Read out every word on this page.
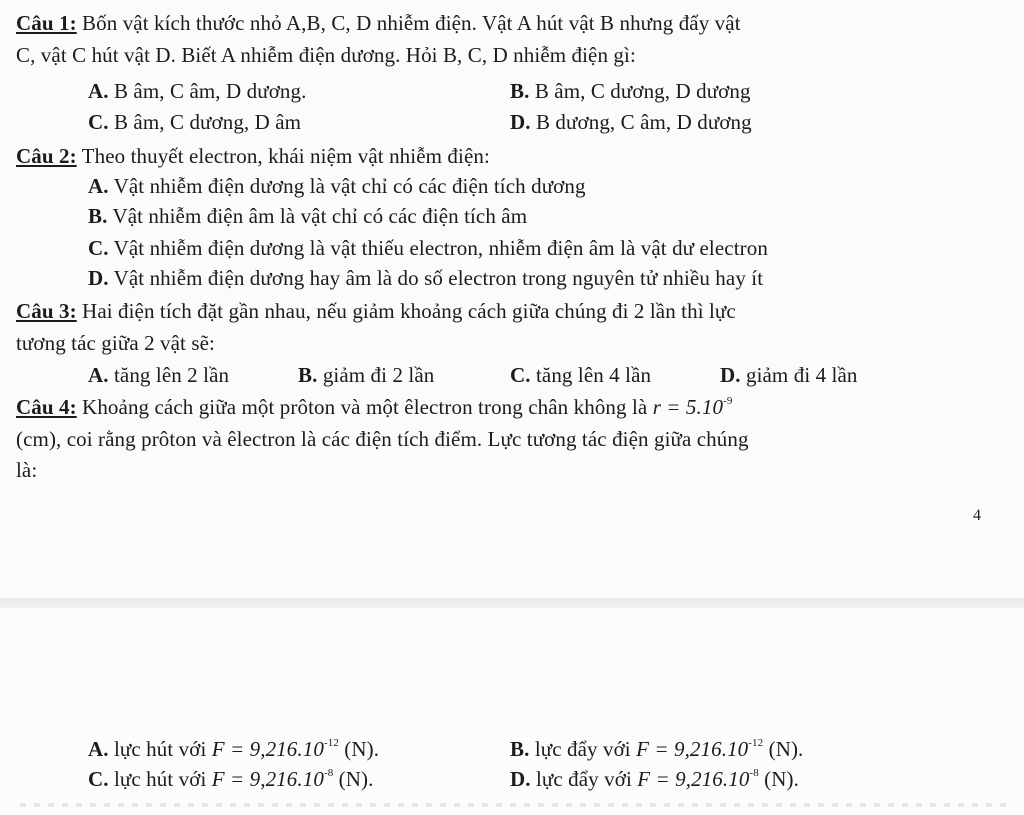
Câu 1: Bốn vật kích thước nhỏ A,B, C, D nhiễm điện. Vật A hút vật B nhưng đẩy vật
C, vật C hút vật D. Biết A nhiễm điện dương. Hỏi B, C, D nhiễm điện gì:
A. B âm, C âm, D dương.	B. B âm, C dương, D dương
C. B âm, C dương, D âm	D. B dương, C âm, D dương
Câu 2: Theo thuyết electron, khái niệm vật nhiễm điện:
A. Vật nhiễm điện dương là vật chỉ có các điện tích dương
B. Vật nhiễm điện âm là vật chỉ có các điện tích âm
C. Vật nhiễm điện dương là vật thiếu electron, nhiễm điện âm là vật dư electron
D. Vật nhiễm điện dương hay âm là do số electron trong nguyên tử nhiều hay ít
Câu 3: Hai điện tích đặt gần nhau, nếu giảm khoảng cách giữa chúng đi 2 lần thì lực
tương tác giữa 2 vật sẽ:
A. tăng lên 2 lần	B. giảm đi 2 lần	C. tăng lên 4 lần	D. giảm đi 4 lần
Câu 4: Khoảng cách giữa một prôton và một êlectron trong chân không là $r = 5.10^{-9}$
(cm), coi rằng prôton và êlectron là các điện tích điểm. Lực tương tác điện giữa chúng
là:
4
A. lực hút với $F = 9,216.10^{-12}$ (N).	B. lực đẩy với $F = 9,216.10^{-12}$ (N).
C. lực hút với $F = 9,216.10^{-8}$ (N).	D. lực đẩy với $F = 9,216.10^{-8}$ (N).
